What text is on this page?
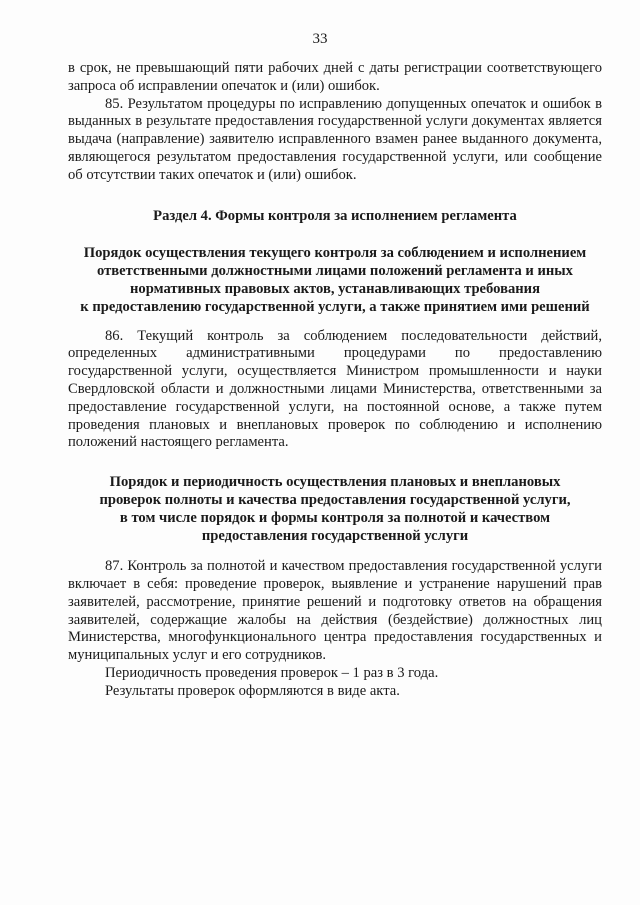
33

в срок, не превышающий пяти рабочих дней с даты регистрации соответствующего запроса об исправлении опечаток и (или) ошибок.

85. Результатом процедуры по исправлению допущенных опечаток и ошибок в выданных в результате предоставления государственной услуги документах является выдача (направление) заявителю исправленного взамен ранее выданного документа, являющегося результатом предоставления государственной услуги, или сообщение об отсутствии таких опечаток и (или) ошибок.

Раздел 4. Формы контроля за исполнением регламента
Порядок осуществления текущего контроля за соблюдением и исполнением
ответственными должностными лицами положений регламента и иных
нормативных правовых актов, устанавливающих требования
к предоставлению государственной услуги, а также принятием ими решений

86. Текущий контроль за соблюдением последовательности действий, определенных административными процедурами по предоставлению государственной услуги, осуществляется Министром промышленности и науки Свердловской области и должностными лицами Министерства, ответственными за предоставление государственной услуги, на постоянной основе, а также путем проведения плановых и внеплановых проверок по соблюдению и исполнению положений настоящего регламента.

Порядок и периодичность осуществления плановых и внеплановых
проверок полноты и качества предоставления государственной услуги,
в том числе порядок и формы контроля за полнотой и качеством
предоставления государственной услуги

87. Контроль за полнотой и качеством предоставления государственной услуги включает в себя: проведение проверок, выявление и устранение нарушений прав заявителей, рассмотрение, принятие решений и подготовку ответов на обращения заявителей, содержащие жалобы на действия (бездействие) должностных лиц Министерства, многофункционального центра предоставления государственных и муниципальных услуг и его сотрудников.

Периодичность проведения проверок – 1 раз в 3 года.

Результаты проверок оформляются в виде акта.
